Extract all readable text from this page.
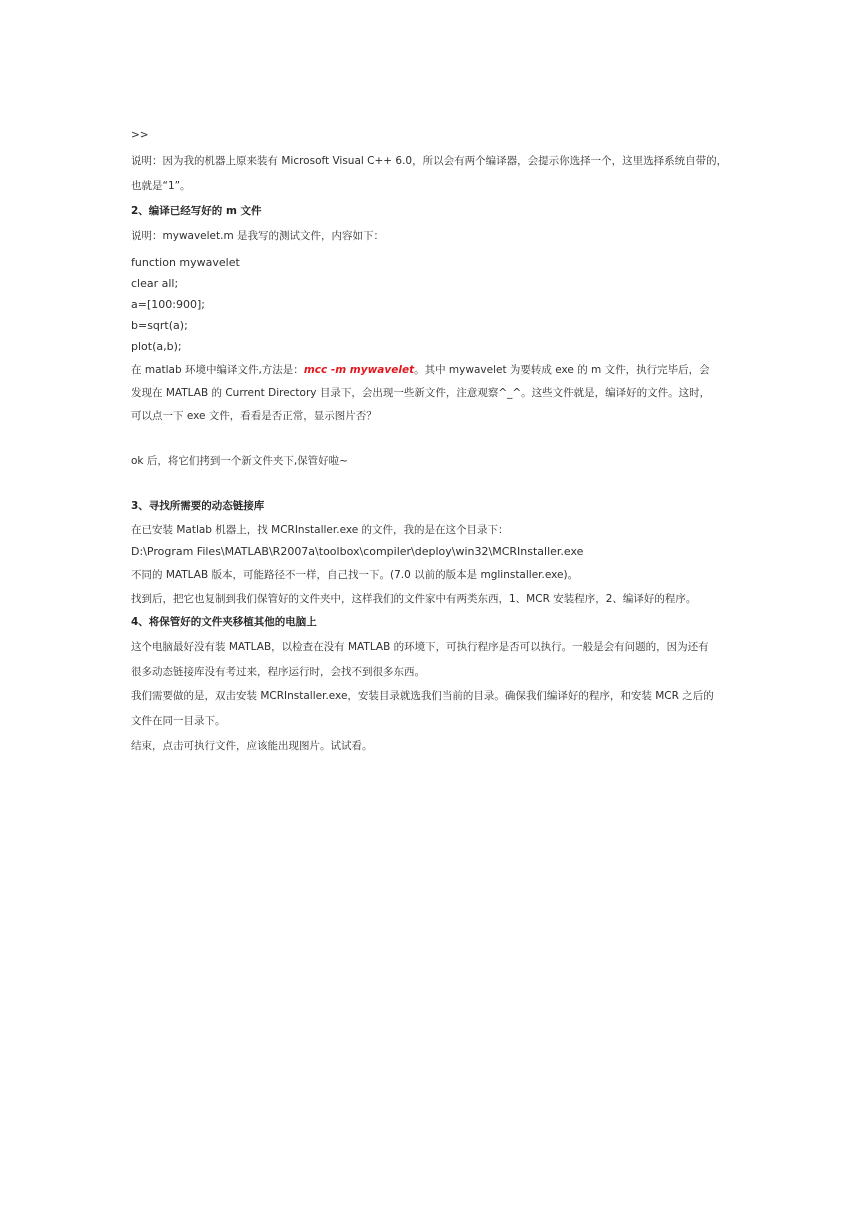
>>

说明：因为我的机器上原来装有 Microsoft Visual C++ 6.0，所以会有两个编译器，会提示你选择一个，这里选择系统自带的，

也就是“1”。

2、编译已经写好的 m 文件

说明：mywavelet.m 是我写的测试文件，内容如下：

function mywavelet

clear all;

a=[100:900];

b=sqrt(a);

plot(a,b);

在 matlab 环境中编译文件,方法是：mcc -m mywavelet。其中 mywavelet 为要转成 exe 的 m 文件，执行完毕后，会

发现在 MATLAB 的 Current Directory 目录下，会出现一些新文件，注意观察^_^。这些文件就是，编译好的文件。这时，

可以点一下 exe 文件，看看是否正常，显示图片否？

ok 后，将它们拷到一个新文件夹下,保管好啦~

3、寻找所需要的动态链接库

在已安装 Matlab 机器上，找 MCRInstaller.exe 的文件，我的是在这个目录下：

D:\Program Files\MATLAB\R2007a\toolbox\compiler\deploy\win32\MCRInstaller.exe

不同的 MATLAB 版本，可能路径不一样，自己找一下。(7.0 以前的版本是 mglinstaller.exe)。

找到后，把它也复制到我们保管好的文件夹中，这样我们的文件家中有两类东西，1、MCR 安装程序，2、编译好的程序。

4、将保管好的文件夹移植其他的电脑上

这个电脑最好没有装 MATLAB，以检查在没有 MATLAB 的环境下，可执行程序是否可以执行。一般是会有问题的，因为还有

很多动态链接库没有考过来，程序运行时，会找不到很多东西。

我们需要做的是，双击安装 MCRInstaller.exe，安装目录就选我们当前的目录。确保我们编译好的程序，和安装 MCR 之后的

文件在同一目录下。

结束，点击可执行文件，应该能出现图片。试试看。
